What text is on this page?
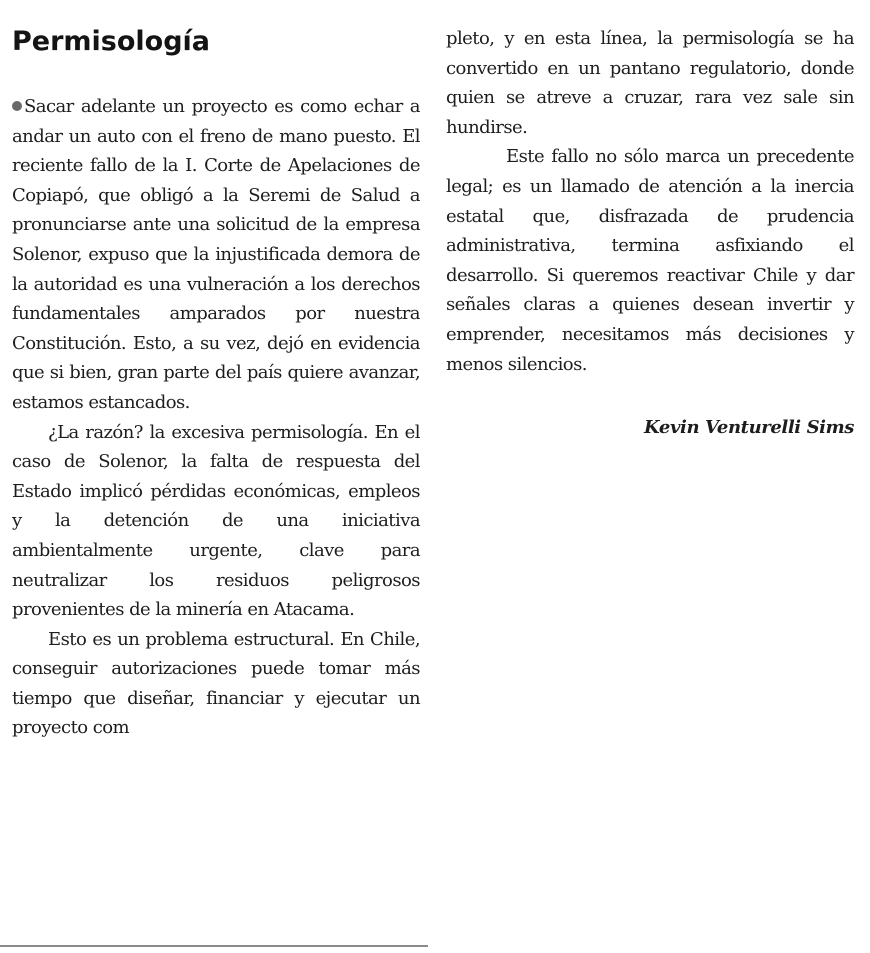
Permisología

Sacar adelante un proyecto es como echar a andar un auto con el freno de mano puesto. El reciente fallo de la I. Corte de Apelaciones de Copiapó, que obligó a la Seremi de Salud a pronunciarse ante una solicitud de la empresa Solenor, expuso que la injustificada demora de la autoridad es una vulneración a los derechos fundamentales amparados por nuestra Constitución. Esto, a su vez, dejó en evidencia que si bien, gran parte del país quiere avanzar, estamos estancados.

¿La razón? la excesiva permisología. En el caso de Solenor, la falta de respuesta del Estado implicó pérdidas económicas, empleos y la detención de una iniciativa ambientalmente urgente, clave para neutralizar los residuos peligrosos provenientes de la minería en Atacama.

Esto es un problema estructural. En Chile, conseguir autorizaciones puede tomar más tiempo que diseñar, financiar y ejecutar un proyecto com

pleto, y en esta línea, la permisología se ha convertido en un pantano regulatorio, donde quien se atreve a cruzar, rara vez sale sin hundirse.

Este fallo no sólo marca un precedente legal; es un llamado de atención a la inercia estatal que, disfrazada de prudencia administrativa, termina asfixiando el desarrollo. Si queremos reactivar Chile y dar señales claras a quienes desean invertir y emprender, necesitamos más decisiones y menos silencios.

Kevin Venturelli Sims
